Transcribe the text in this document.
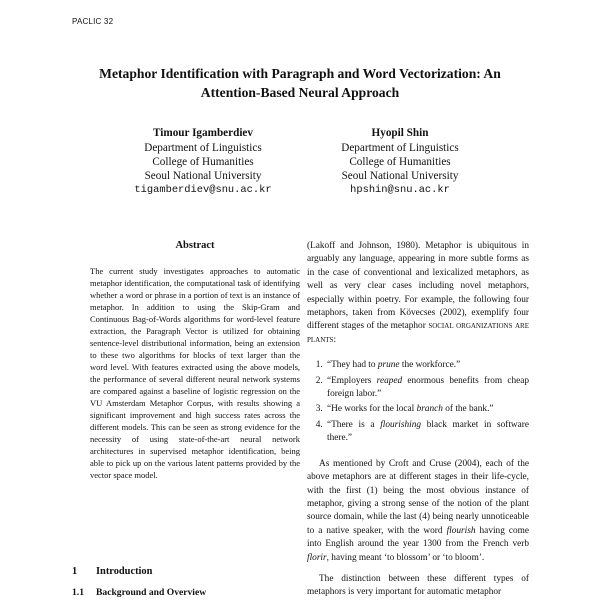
PACLIC 32
Metaphor Identification with Paragraph and Word Vectorization: An
Attention-Based Neural Approach
Timour Igamberdiev
Department of Linguistics
College of Humanities
Seoul National University
tigamberdiev@snu.ac.kr
Hyopil Shin
Department of Linguistics
College of Humanities
Seoul National University
hpshin@snu.ac.kr
Abstract

The current study investigates approaches to automatic metaphor identification, the computational task of identifying whether a word or phrase in a portion of text is an instance of metaphor. In addition to using the Skip-Gram and Continuous Bag-of-Words algorithms for word-level feature extraction, the Paragraph Vector is utilized for obtaining sentence-level distributional information, being an extension to these two algorithms for blocks of text larger than the word level. With features extracted using the above models, the performance of several different neural network systems are compared against a baseline of logistic regression on the VU Amsterdam Metaphor Corpus, with results showing a significant improvement and high success rates across the different models. This can be seen as strong evidence for the necessity of using state-of-the-art neural network architectures in supervised metaphor identification, being able to pick up on the various latent patterns provided by the vector space model.

1 Introduction
1.1 Background and Overview

(Lakoff and Johnson, 1980). Metaphor is ubiquitous in arguably any language, appearing in more subtle forms as in the case of conventional and lexicalized metaphors, as well as very clear cases including novel metaphors, especially within poetry. For example, the following four metaphors, taken from Kövecses (2002), exemplify four different stages of the metaphor social organizations are plants:

1. “They had to prune the workforce.”
2. “Employers reaped enormous benefits from cheap foreign labor.”
3. “He works for the local branch of the bank.”
4. “There is a flourishing black market in software there.”

As mentioned by Croft and Cruse (2004), each of the above metaphors are at different stages in their life-cycle, with the first (1) being the most obvious instance of metaphor, giving a strong sense of the notion of the plant source domain, while the last (4) being nearly unnoticeable to a native speaker, with the word flourish having come into English around the year 1300 from the French verb florir, having meant ‘to blossom’ or ‘to bloom’.

The distinction between these different types of metaphors is very important for automatic metaphor
